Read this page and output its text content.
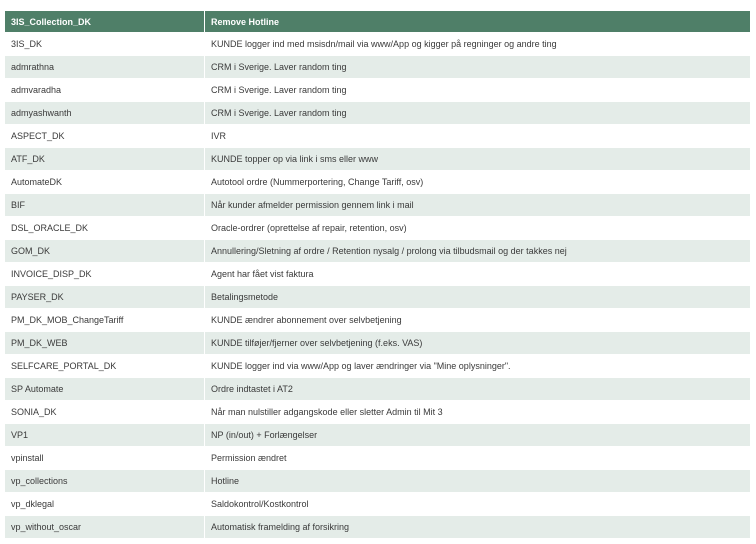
3IS_Collection_DK	Remove Hotline
3IS_DK	KUNDE logger ind med msisdn/mail via www/App og kigger på regninger og andre ting
admrathna	CRM i Sverige. Laver random ting
admvaradha	CRM i Sverige. Laver random ting
admyashwanth	CRM i Sverige. Laver random ting
ASPECT_DK	IVR
ATF_DK	KUNDE topper op via link i sms eller www
AutomateDK	Autotool ordre (Nummerportering, Change Tariff, osv)
BIF	Når kunder afmelder permission gennem link i mail
DSL_ORACLE_DK	Oracle-ordrer (oprettelse af repair, retention, osv)
GOM_DK	Annullering/Sletning af ordre / Retention nysalg / prolong via tilbudsmail og der takkes nej
INVOICE_DISP_DK	Agent har fået vist faktura
PAYSER_DK	Betalingsmetode
PM_DK_MOB_ChangeTariff	KUNDE ændrer abonnement over selvbetjening
PM_DK_WEB	KUNDE tilføjer/fjerner over selvbetjening (f.eks. VAS)
SELFCARE_PORTAL_DK	KUNDE logger ind via www/App og laver ændringer via "Mine oplysninger".
SP Automate	Ordre indtastet i AT2
SONIA_DK	Når man nulstiller adgangskode eller sletter Admin til Mit 3
VP1	NP (in/out) + Forlængelser
vpinstall	Permission ændret
vp_collections	Hotline
vp_dklegal	Saldokontrol/Kostkontrol
vp_without_oscar	Automatisk framelding af forsikring
